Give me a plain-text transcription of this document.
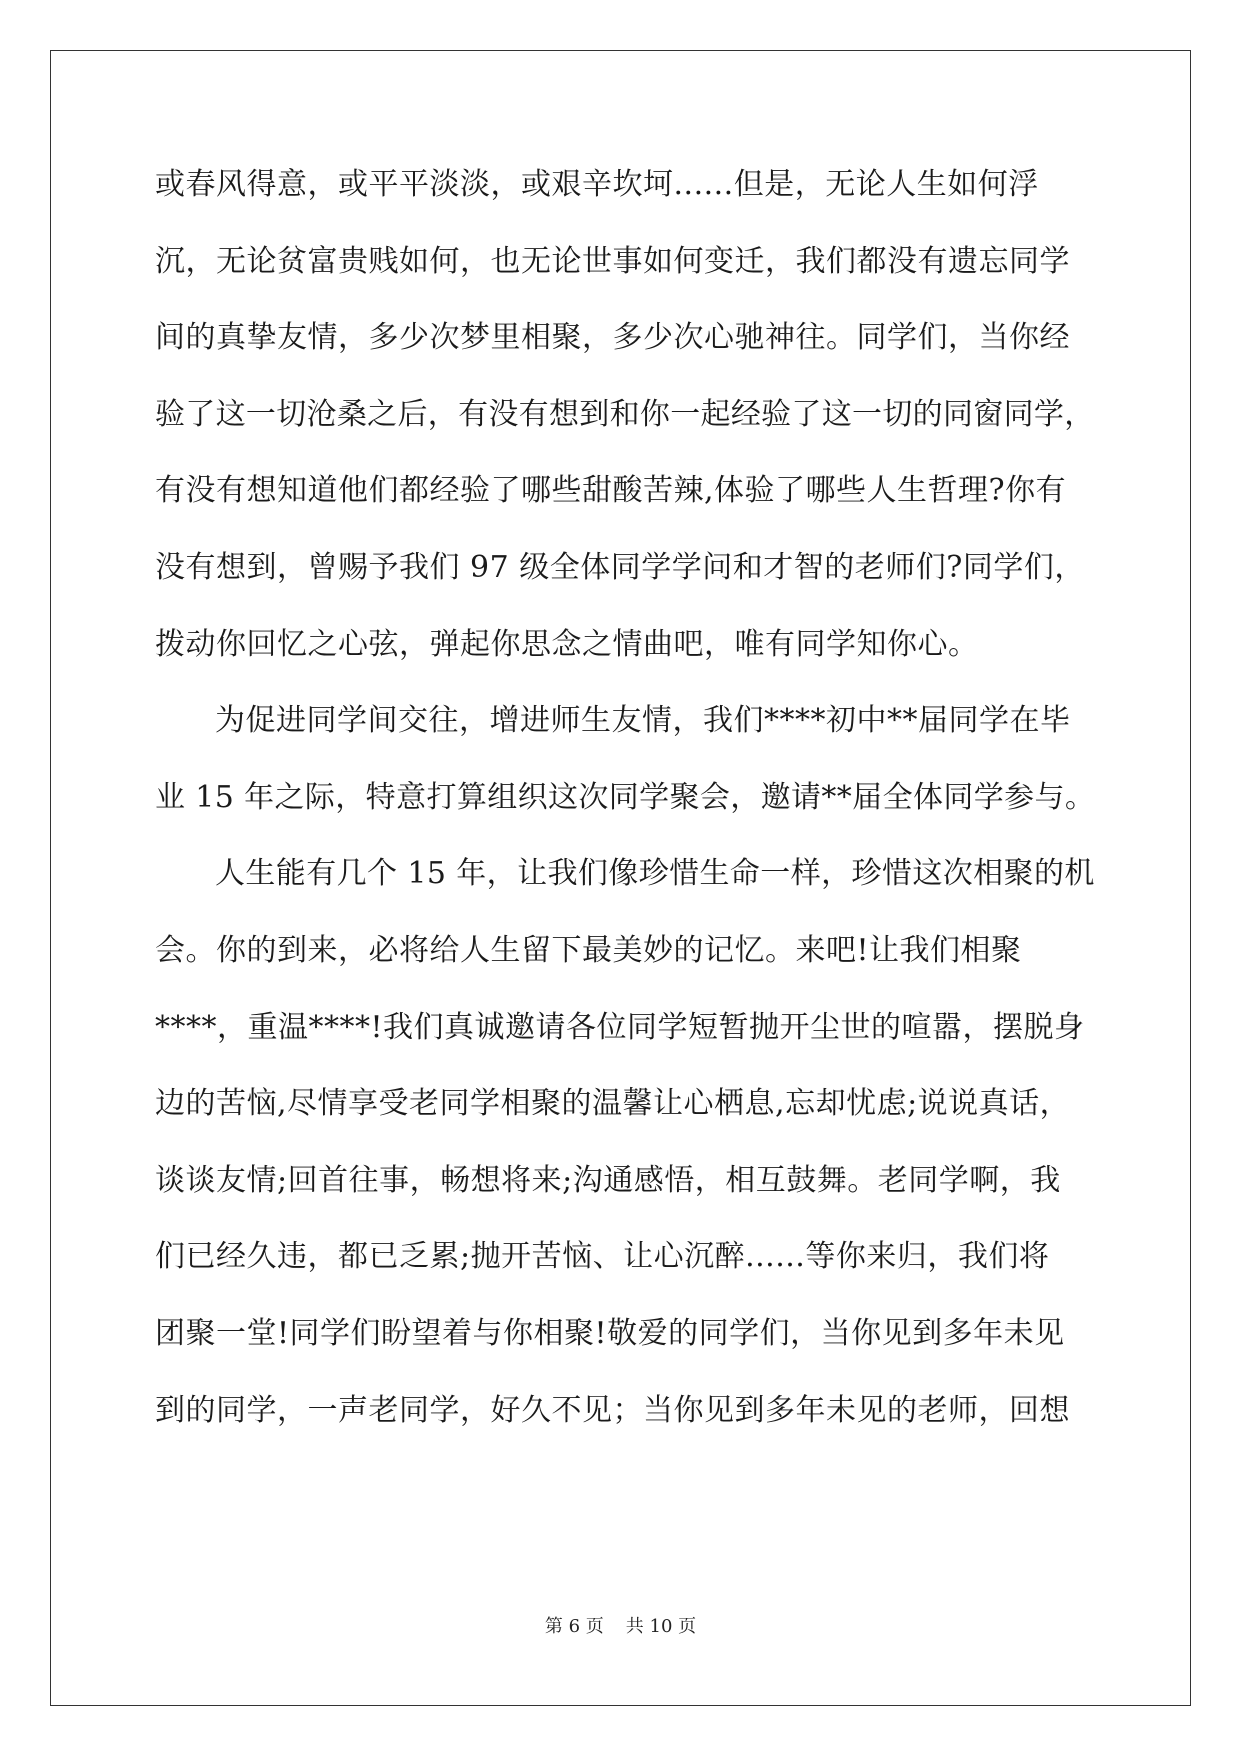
或春风得意，或平平淡淡，或艰辛坎坷......但是，无论人生如何浮
沉，无论贫富贵贱如何，也无论世事如何变迁，我们都没有遗忘同学
间的真挚友情，多少次梦里相聚，多少次心驰神往。同学们，当你经
验了这一切沧桑之后，有没有想到和你一起经验了这一切的同窗同学，
有没有想知道他们都经验了哪些甜酸苦辣,体验了哪些人生哲理?你有
没有想到，曾赐予我们 97 级全体同学学问和才智的老师们?同学们，
拨动你回忆之心弦，弹起你思念之情曲吧，唯有同学知你心。
为促进同学间交往，增进师生友情，我们****初中**届同学在毕
业 15 年之际，特意打算组织这次同学聚会，邀请**届全体同学参与。
人生能有几个 15 年，让我们像珍惜生命一样，珍惜这次相聚的机
会。你的到来，必将给人生留下最美妙的记忆。来吧!让我们相聚
****，重温****!我们真诚邀请各位同学短暂抛开尘世的喧嚣，摆脱身
边的苦恼,尽情享受老同学相聚的温馨让心栖息,忘却忧虑;说说真话，
谈谈友情;回首往事，畅想将来;沟通感悟，相互鼓舞。老同学啊，我
们已经久违，都已乏累;抛开苦恼、让心沉醉......等你来归，我们将
团聚一堂!同学们盼望着与你相聚!敬爱的同学们，当你见到多年未见
到的同学，一声老同学，好久不见；当你见到多年未见的老师，回想
第 6 页 共 10 页
